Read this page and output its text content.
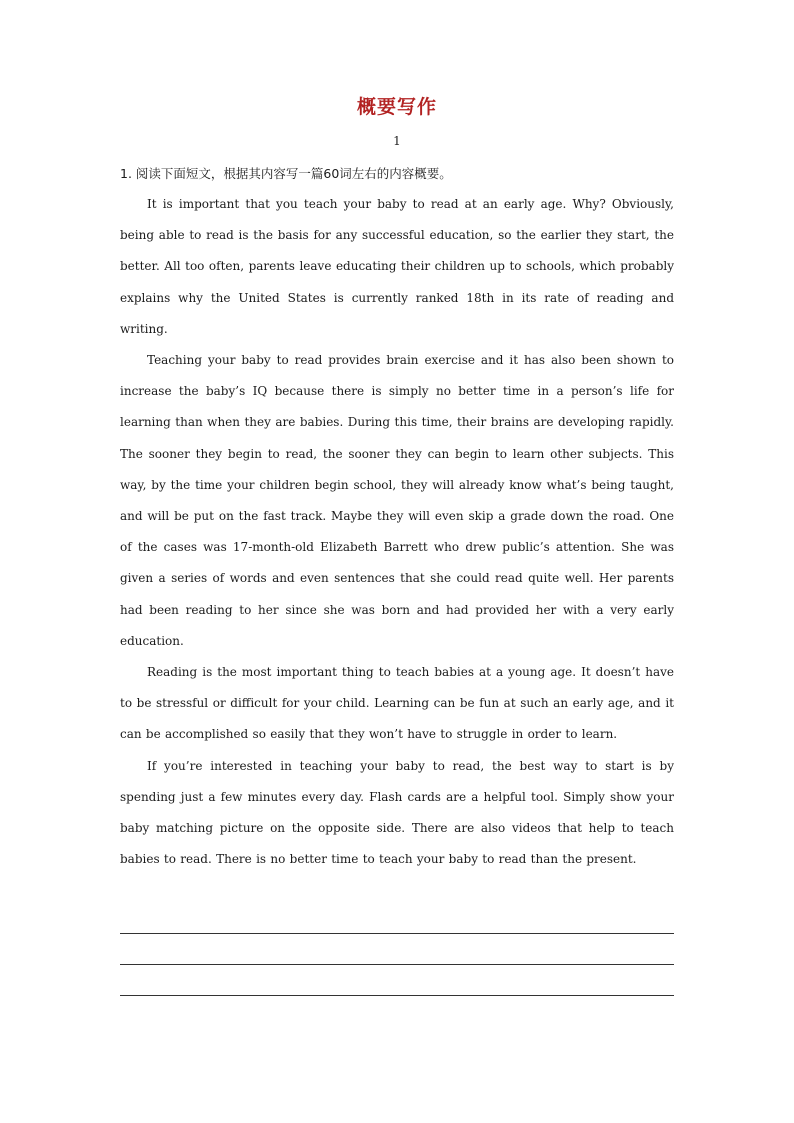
概要写作
1

1. 阅读下面短文，根据其内容写一篇60词左右的内容概要。

It is important that you teach your baby to read at an early age. Why? Obviously, being able to read is the basis for any successful education, so the earlier they start, the better. All too often, parents leave educating their children up to schools, which probably explains why the United States is currently ranked 18th in its rate of reading and writing.

Teaching your baby to read provides brain exercise and it has also been shown to increase the baby’s IQ because there is simply no better time in a person’s life for learning than when they are babies. During this time, their brains are developing rapidly. The sooner they begin to read, the sooner they can begin to learn other subjects. This way, by the time your children begin school, they will already know what’s being taught, and will be put on the fast track. Maybe they will even skip a grade down the road. One of the cases was 17-month-old Elizabeth Barrett who drew public’s attention. She was given a series of words and even sentences that she could read quite well. Her parents had been reading to her since she was born and had provided her with a very early education.

Reading is the most important thing to teach babies at a young age. It doesn’t have to be stressful or difficult for your child. Learning can be fun at such an early age, and it can be accomplished so easily that they won’t have to struggle in order to learn.

If you’re interested in teaching your baby to read, the best way to start is by spending just a few minutes every day. Flash cards are a helpful tool. Simply show your baby matching picture on the opposite side. There are also videos that help to teach babies to read. There is no better time to teach your baby to read than the present.
